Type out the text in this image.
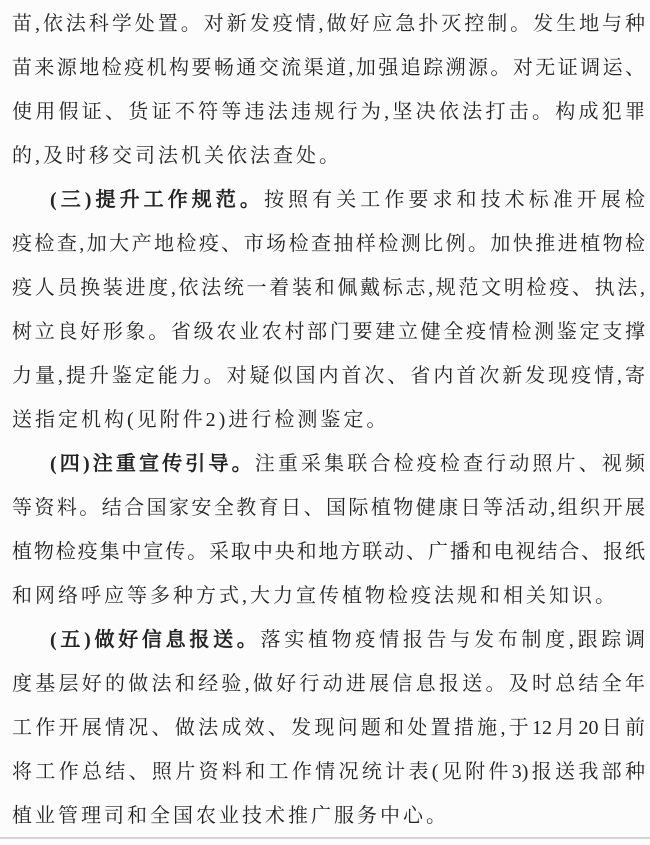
苗,依法科学处置。对新发疫情,做好应急扑灭控制。发生地与种
苗来源地检疫机构要畅通交流渠道,加强追踪溯源。对无证调运、
使用假证、货证不符等违法违规行为,坚决依法打击。构成犯罪
的,及时移交司法机关依法查处。
(三)提升工作规范。按照有关工作要求和技术标准开展检
疫检查,加大产地检疫、市场检查抽样检测比例。加快推进植物检
疫人员换装进度,依法统一着装和佩戴标志,规范文明检疫、执法,
树立良好形象。省级农业农村部门要建立健全疫情检测鉴定支撑
力量,提升鉴定能力。对疑似国内首次、省内首次新发现疫情,寄
送指定机构(见附件2)进行检测鉴定。
(四)注重宣传引导。注重采集联合检疫检查行动照片、视频
等资料。结合国家安全教育日、国际植物健康日等活动,组织开展
植物检疫集中宣传。采取中央和地方联动、广播和电视结合、报纸
和网络呼应等多种方式,大力宣传植物检疫法规和相关知识。
(五)做好信息报送。落实植物疫情报告与发布制度,跟踪调
度基层好的做法和经验,做好行动进展信息报送。及时总结全年
工作开展情况、做法成效、发现问题和处置措施,于12月20日前
将工作总结、照片资料和工作情况统计表(见附件3)报送我部种
植业管理司和全国农业技术推广服务中心。
